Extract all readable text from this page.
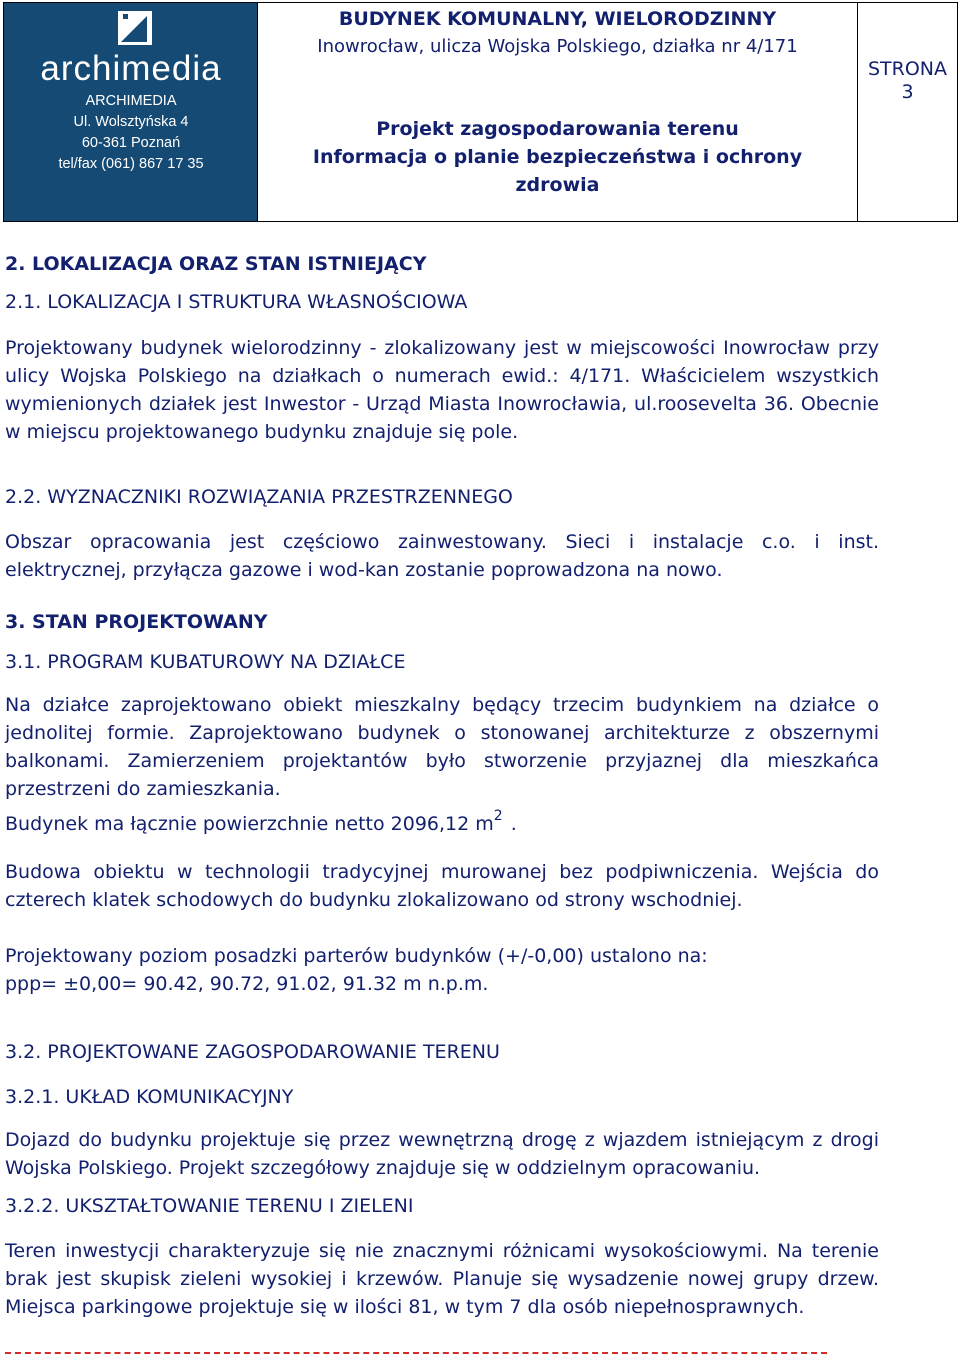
archimedia
ARCHIMEDIA
Ul. Wolsztyńska 4
60-361 Poznań
tel/fax (061) 867 17 35
BUDYNEK KOMUNALNY, WIELORODZINNY
Inowrocław, ulicza Wojska Polskiego, działka nr 4/171
Projekt zagospodarowania terenu
Informacja o planie bezpieczeństwa i ochrony
zdrowia
STRONA
3
2. LOKALIZACJA ORAZ STAN ISTNIEJĄCY
2.1. LOKALIZACJA I STRUKTURA WŁASNOŚCIOWA
Projektowany budynek wielorodzinny - zlokalizowany jest w miejscowości Inowrocław przy ulicy Wojska Polskiego na działkach o numerach ewid.: 4/171. Właścicielem wszystkich wymienionych działek jest Inwestor - Urząd Miasta Inowrocławia, ul.roosevelta 36. Obecnie w miejscu projektowanego budynku znajduje się pole.
2.2. WYZNACZNIKI ROZWIĄZANIA PRZESTRZENNEGO
Obszar opracowania jest częściowo zainwestowany. Sieci i instalacje c.o. i inst. elektrycznej, przyłącza gazowe i wod-kan zostanie poprowadzona na nowo.
3. STAN PROJEKTOWANY
3.1. PROGRAM KUBATUROWY NA DZIAŁCE
Na działce zaprojektowano obiekt mieszkalny będący trzecim budynkiem na działce o jednolitej formie. Zaprojektowano budynek o stonowanej architekturze z obszernymi balkonami. Zamierzeniem projektantów było stworzenie przyjaznej dla mieszkańca przestrzeni do zamieszkania.
Budynek ma łącznie powierzchnie netto 2096,12 $m^2$ .
Budowa obiektu w technologii tradycyjnej murowanej bez podpiwniczenia. Wejścia do czterech klatek schodowych do budynku zlokalizowano od strony wschodniej.
Projektowany poziom posadzki parterów budynków (+/-0,00) ustalono na:
ppp= ±0,00= 90.42, 90.72, 91.02, 91.32 m n.p.m.
3.2. PROJEKTOWANE ZAGOSPODAROWANIE TERENU
3.2.1. UKŁAD KOMUNIKACYJNY
Dojazd do budynku projektuje się przez wewnętrzną drogę z wjazdem istniejącym z drogi Wojska Polskiego. Projekt szczegółowy znajduje się w oddzielnym opracowaniu.
3.2.2. UKSZTAŁTOWANIE TERENU I ZIELENI
Teren inwestycji charakteryzuje się nie znacznymi różnicami wysokościowymi. Na terenie brak jest skupisk zieleni wysokiej i krzewów. Planuje się wysadzenie nowej grupy drzew. Miejsca parkingowe projektuje się w ilości 81, w tym 7 dla osób niepełnosprawnych.
